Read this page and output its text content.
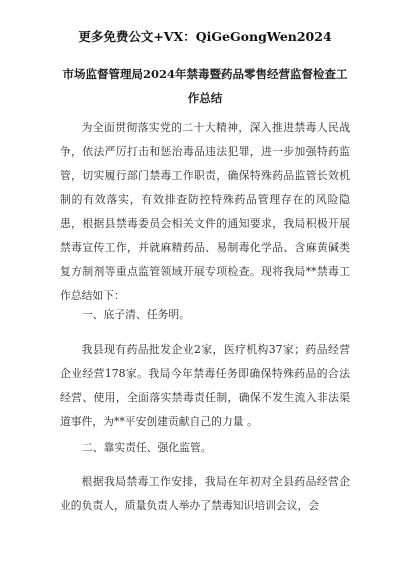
更多免费公文+VX：QiGeGongWen2024
市场监督管理局2024年禁毒暨药品零售经营监督检查工作总结
为全面贯彻落实党的二十大精神，深入推进禁毒人民战争，依法严厉打击和惩治毒品违法犯罪，进一步加强特药监管，切实履行部门禁毒工作职责，确保特殊药品监管长效机制的有效落实，有效排查防控特殊药品管理存在的风险隐患，根据县禁毒委员会相关文件的通知要求，我局积极开展禁毒宣传工作，并就麻精药品、易制毒化学品、含麻黄碱类复方制剂等重点监管领域开展专项检查。现将我局**禁毒工作总结如下：
一、底子清、任务明。
我县现有药品批发企业2家，医疗机构37家；药品经营企业经营178家。我局今年禁毒任务即确保特殊药品的合法经营、使用，全面落实禁毒责任制，确保不发生流入非法渠道事件，为**平安创建贡献自己的力量 。
二、靠实责任、强化监管。
根据我局禁毒工作安排，我局在年初对全县药品经营企业的负责人，质量负责人举办了禁毒知识培训会议，会
